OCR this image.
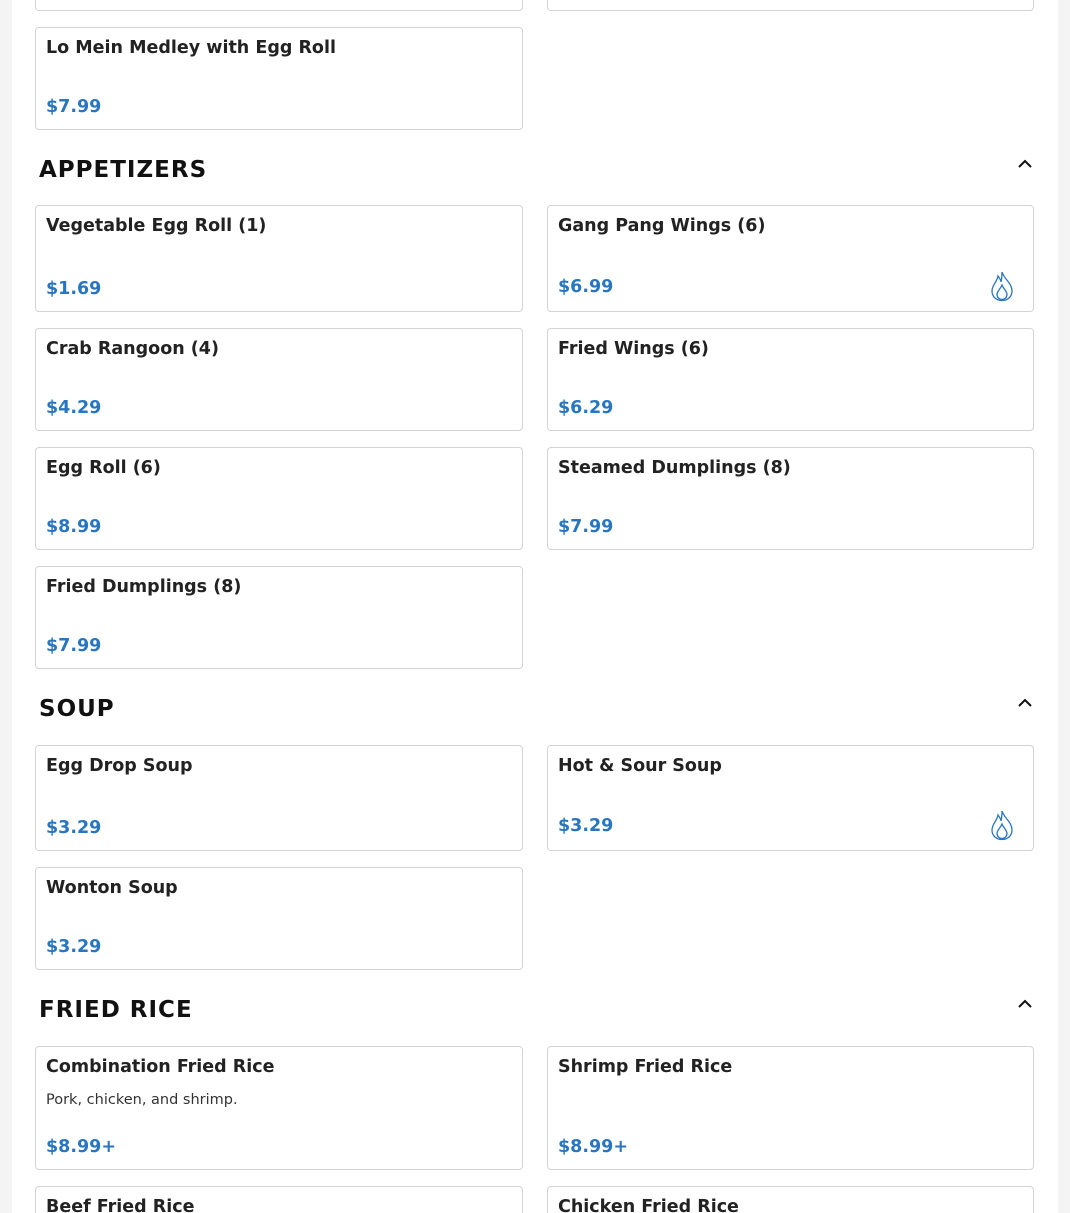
Lo Mein Medley with Egg Roll
$7.99
APPETIZERS
Vegetable Egg Roll (1)
$1.69
Gang Pang Wings (6)
$6.99
Crab Rangoon (4)
$4.29
Fried Wings (6)
$6.29
Egg Roll (6)
$8.99
Steamed Dumplings (8)
$7.99
Fried Dumplings (8)
$7.99
SOUP
Egg Drop Soup
$3.29
Hot & Sour Soup
$3.29
Wonton Soup
$3.29
FRIED RICE
Combination Fried Rice
Pork, chicken, and shrimp.
$8.99+
Shrimp Fried Rice
$8.99+
Beef Fried Rice	Chicken Fried Rice
